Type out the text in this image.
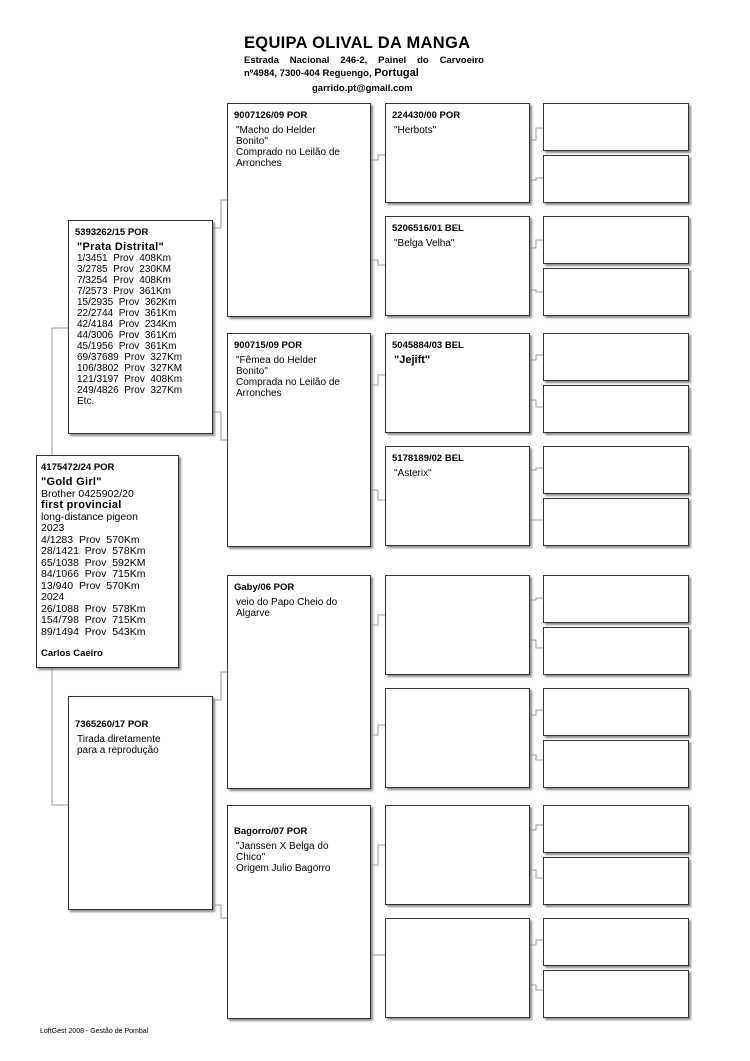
EQUIPA OLIVAL DA MANGA
Estrada Nacional 246-2, Painel do Carvoeiro
nº4984, 7300-404 Reguengo, Portugal
garrido.pt@gmail.com
4175472/24 POR
"Gold Girl"
Brother 0425902/20
first provincial
long-distance pigeon
2023
4/1283  Prov  570Km
28/1421  Prov  578Km
65/1038  Prov  592KM
84/1066  Prov  715Km
13/940  Prov  570Km
2024
26/1088  Prov  578Km
154/798  Prov  715Km
89/1494  Prov  543Km
Carlos Caeiro
5393262/15 POR
"Prata Distrital"
1/3451  Prov  408Km
3/2785  Prov  230KM
7/3254  Prov  408Km
7/2573  Prov  361Km
15/2935  Prov  362Km
22/2744  Prov  361Km
42/4184  Prov  234Km
44/3006  Prov  361Km
45/1956  Prov  361Km
69/37689  Prov  327Km
106/3802  Prov  327KM
121/3197  Prov  408Km
249/4826  Prov  327Km
Etc.
7365260/17 POR
Tirada diretamente
para a reprodução
9007126/09 POR
"Macho do Helder
Bonito"
Comprado no Leilão de
Arronches
900715/09 POR
"Fêmea do Helder
Bonito"
Comprada no Leilão de
Arronches
Gaby/06 POR
veio do Papo Cheio do
Algarve
Bagorro/07 POR
"Janssen X Belga do
Chico"
Origem Julio Bagorro
224430/00 POR
"Herbots"
5206516/01 BEL
"Belga Velha"
5045884/03 BEL
"Jejift"
5178189/02 BEL
"Asterix"
LoftGest 2008 - Gestão de Pombal
